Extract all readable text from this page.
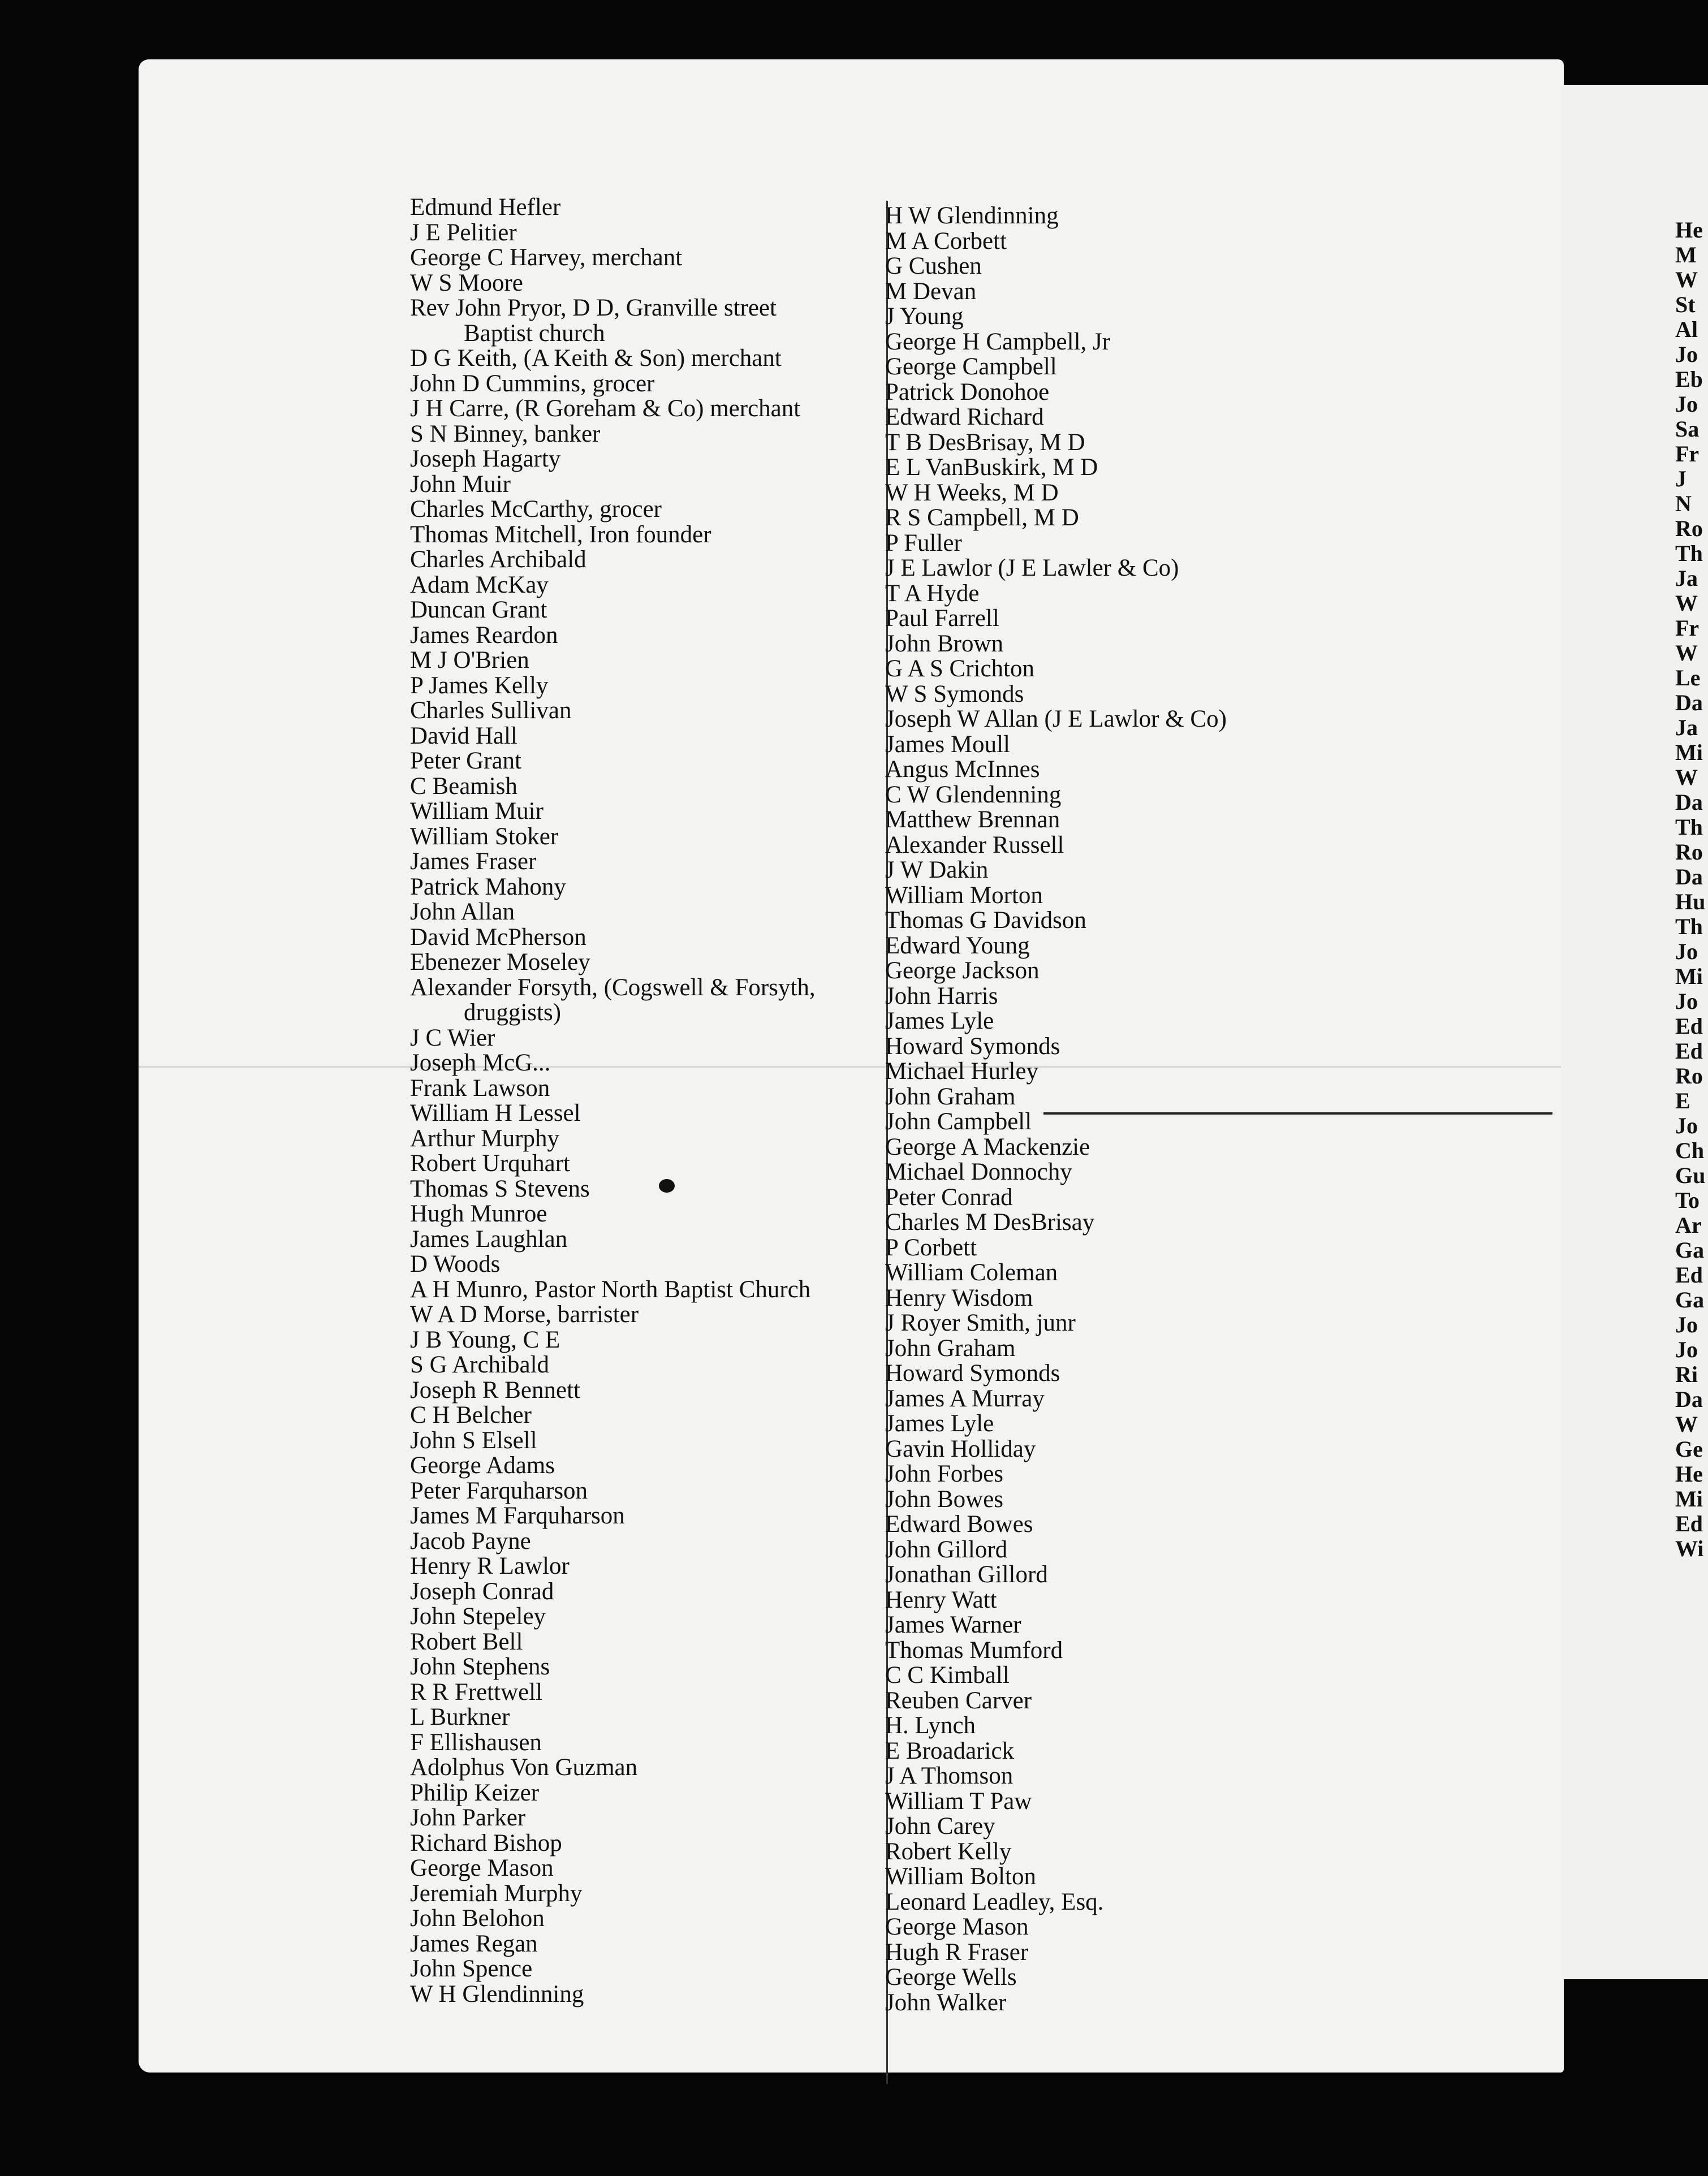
Edmund Hefler
J E Pelitier
George C Harvey, merchant
W S Moore
Rev John Pryor, D D, Granville street
Baptist church
D G Keith, (A Keith & Son) merchant
John D Cummins, grocer
J H Carre, (R Goreham & Co) merchant
S N Binney, banker
Joseph Hagarty
John Muir
Charles McCarthy, grocer
Thomas Mitchell, Iron founder
Charles Archibald
Adam McKay
Duncan Grant
James Reardon
M J O'Brien
P James Kelly
Charles Sullivan
David Hall
Peter Grant
C Beamish
William Muir
William Stoker
James Fraser
Patrick Mahony
John Allan
David McPherson
Ebenezer Moseley
Alexander Forsyth, (Cogswell & Forsyth,
druggists)
J C Wier
Joseph McG...
Frank Lawson
William H Lessel
Arthur Murphy
Robert Urquhart
Thomas S Stevens
Hugh Munroe
James Laughlan
D Woods
A H Munro, Pastor North Baptist Church
W A D Morse, barrister
J B Young, C E
S G Archibald
Joseph R Bennett
C H Belcher
John S Elsell
George Adams
Peter Farquharson
James M Farquharson
Jacob Payne
Henry R Lawlor
Joseph Conrad
John Stepeley
Robert Bell
John Stephens
R R Frettwell
L Burkner
F Ellishausen
Adolphus Von Guzman
Philip Keizer
John Parker
Richard Bishop
George Mason
Jeremiah Murphy
John Belohon
James Regan
John Spence
W H Glendinning
H W Glendinning
M A Corbett
G Cushen
M Devan
J Young
George H Campbell, Jr
George Campbell
Patrick Donohoe
Edward Richard
T B DesBrisay, M D
E L VanBuskirk, M D
W H Weeks, M D
R S Campbell, M D
P Fuller
J E Lawlor (J E Lawler & Co)
T A Hyde
Paul Farrell
John Brown
G A S Crichton
W S Symonds
Joseph W Allan (J E Lawlor & Co)
James Moull
Angus McInnes
C W Glendenning
Matthew Brennan
Alexander Russell
J W Dakin
William Morton
Thomas G Davidson
Edward Young
George Jackson
John Harris
James Lyle
Howard Symonds
Michael Hurley
John Graham
John Campbell
George A Mackenzie
Michael Donnochy
Peter Conrad
Charles M DesBrisay
P Corbett
William Coleman
Henry Wisdom
J Royer Smith, junr
John Graham
Howard Symonds
James A Murray
James Lyle
Gavin Holliday
John Forbes
John Bowes
Edward Bowes
John Gillord
Jonathan Gillord
Henry Watt
James Warner
Thomas Mumford
C C Kimball
Reuben Carver
H. Lynch
E Broadarick
J A Thomson
William T Paw
John Carey
Robert Kelly
William Bolton
Leonard Leadley, Esq.
George Mason
Hugh R Fraser
George Wells
John Walker
He
M
W
St
Al
Jo
Eb
Jo
Sa
Fr
J
N
Ro
Th
Ja
W
Fr
W
Le
Da
Ja
Mi
W
Da
Th
Ro
Da
Hu
Th
Jo
Mi
Jo
Ed
Ed
Ro
E
Jo
Ch
Gu
To
Ar
Ga
Ed
Ga
Jo
Jo
Ri
Da
W
Ge
He
Mi
Ed
Wi
